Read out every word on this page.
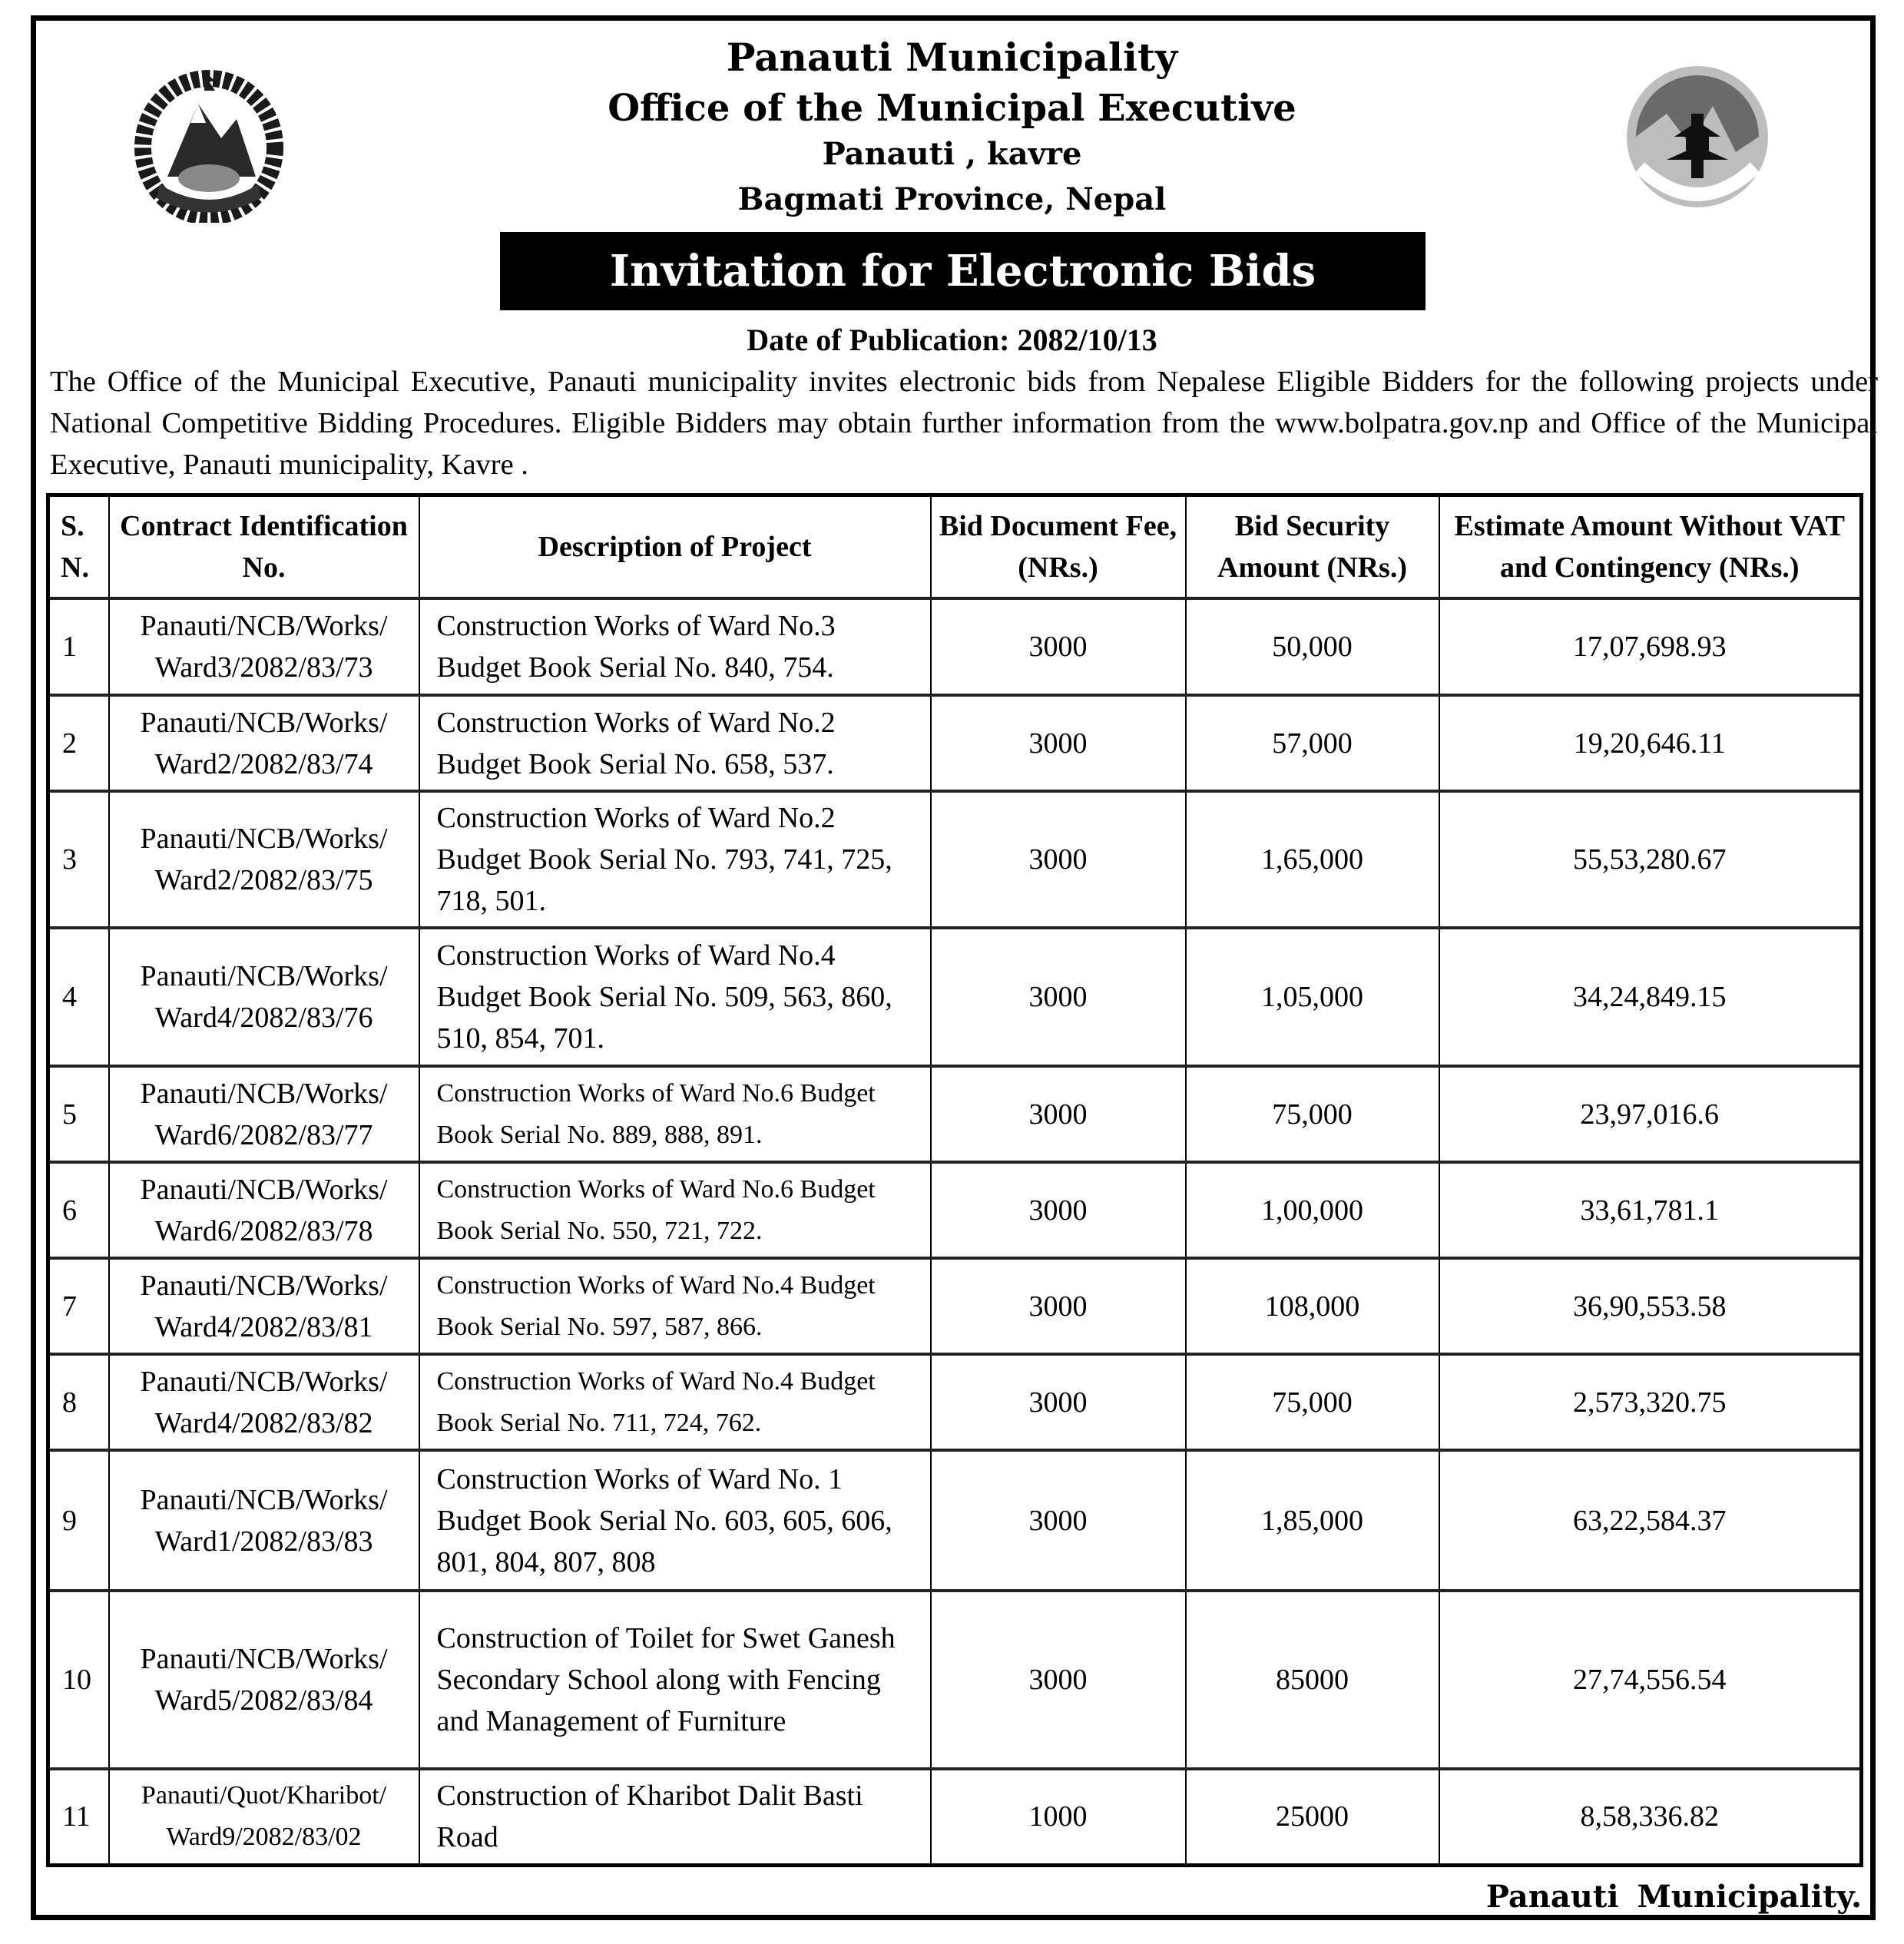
Panauti Municipality
Office of the Municipal Executive
Panauti , kavre
Bagmati Province, Nepal
Invitation for Electronic Bids
Date of Publication: 2082/10/13
The Office of the Municipal Executive, Panauti municipality invites electronic bids from Nepalese Eligible Bidders for the following projects under National Competitive Bidding Procedures. Eligible Bidders may obtain further information from the www.bolpatra.gov.np and Office of the Municipal Executive, Panauti municipality, Kavre .
S. N.	Contract Identification No.	Description of Project	Bid Document Fee, (NRs.)	Bid Security Amount (NRs.)	Estimate Amount Without VAT and Contingency (NRs.)
1	Panauti/NCB/Works/ Ward3/2082/83/73	Construction Works of Ward No.3 Budget Book Serial No. 840, 754.	3000	50,000	17,07,698.93
2	Panauti/NCB/Works/ Ward2/2082/83/74	Construction Works of Ward No.2 Budget Book Serial No. 658, 537.	3000	57,000	19,20,646.11
3	Panauti/NCB/Works/ Ward2/2082/83/75	Construction Works of Ward No.2 Budget Book Serial No. 793, 741, 725, 718, 501.	3000	1,65,000	55,53,280.67
4	Panauti/NCB/Works/ Ward4/2082/83/76	Construction Works of Ward No.4 Budget Book Serial No. 509, 563, 860, 510, 854, 701.	3000	1,05,000	34,24,849.15
5	Panauti/NCB/Works/ Ward6/2082/83/77	Construction Works of Ward No.6 Budget Book Serial No. 889, 888, 891.	3000	75,000	23,97,016.6
6	Panauti/NCB/Works/ Ward6/2082/83/78	Construction Works of Ward No.6 Budget Book Serial No. 550, 721, 722.	3000	1,00,000	33,61,781.1
7	Panauti/NCB/Works/ Ward4/2082/83/81	Construction Works of Ward No.4 Budget Book Serial No. 597, 587, 866.	3000	108,000	36,90,553.58
8	Panauti/NCB/Works/ Ward4/2082/83/82	Construction Works of Ward No.4 Budget Book Serial No. 711, 724, 762.	3000	75,000	2,573,320.75
9	Panauti/NCB/Works/ Ward1/2082/83/83	Construction Works of Ward No. 1 Budget Book Serial No. 603, 605, 606, 801, 804, 807, 808	3000	1,85,000	63,22,584.37
10	Panauti/NCB/Works/ Ward5/2082/83/84	Construction of Toilet for Swet Ganesh Secondary School along with Fencing and Management of Furniture	3000	85000	27,74,556.54
11	Panauti/Quot/Kharibot/ Ward9/2082/83/02	Construction of Kharibot Dalit Basti Road	1000	25000	8,58,336.82
Panauti Municipality.
